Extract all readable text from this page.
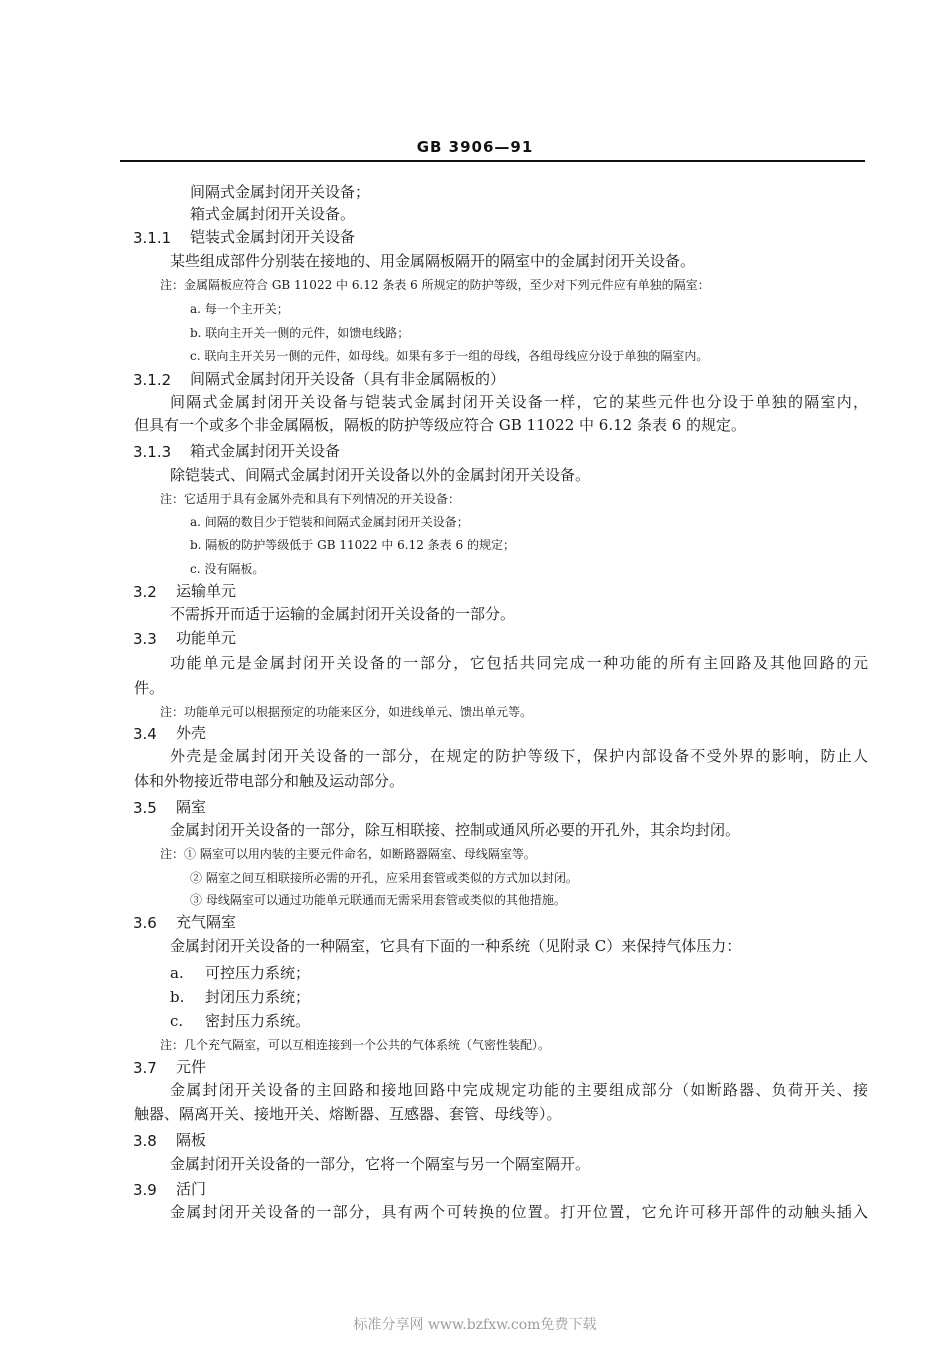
GB 3906—91
间隔式金属封闭开关设备；
箱式金属封闭开关设备。
3.1.1 铠装式金属封闭开关设备
某些组成部件分别装在接地的、用金属隔板隔开的隔室中的金属封闭开关设备。
注：金属隔板应符合 GB 11022 中 6.12 条表 6 所规定的防护等级，至少对下列元件应有单独的隔室：
a. 每一个主开关；
b. 联向主开关一侧的元件，如馈电线路；
c. 联向主开关另一侧的元件，如母线。如果有多于一组的母线，各组母线应分设于单独的隔室内。
3.1.2 间隔式金属封闭开关设备（具有非金属隔板的）
间隔式金属封闭开关设备与铠装式金属封闭开关设备一样，它的某些元件也分设于单独的隔室内，
但具有一个或多个非金属隔板，隔板的防护等级应符合 GB 11022 中 6.12 条表 6 的规定。
3.1.3 箱式金属封闭开关设备
除铠装式、间隔式金属封闭开关设备以外的金属封闭开关设备。
注：它适用于具有金属外壳和具有下列情况的开关设备：
a. 间隔的数目少于铠装和间隔式金属封闭开关设备；
b. 隔板的防护等级低于 GB 11022 中 6.12 条表 6 的规定；
c. 没有隔板。
3.2 运输单元
不需拆开而适于运输的金属封闭开关设备的一部分。
3.3 功能单元
功能单元是金属封闭开关设备的一部分，它包括共同完成一种功能的所有主回路及其他回路的元
件。
注：功能单元可以根据预定的功能来区分，如进线单元、馈出单元等。
3.4 外壳
外壳是金属封闭开关设备的一部分，在规定的防护等级下，保护内部设备不受外界的影响，防止人
体和外物接近带电部分和触及运动部分。
3.5 隔室
金属封闭开关设备的一部分，除互相联接、控制或通风所必要的开孔外，其余均封闭。
注：① 隔室可以用内装的主要元件命名，如断路器隔室、母线隔室等。
② 隔室之间互相联接所必需的开孔，应采用套管或类似的方式加以封闭。
③ 母线隔室可以通过功能单元联通而无需采用套管或类似的其他措施。
3.6 充气隔室
金属封闭开关设备的一种隔室，它具有下面的一种系统（见附录 C）来保持气体压力：
a. 可控压力系统；
b. 封闭压力系统；
c. 密封压力系统。
注：几个充气隔室，可以互相连接到一个公共的气体系统（气密性装配）。
3.7 元件
金属封闭开关设备的主回路和接地回路中完成规定功能的主要组成部分（如断路器、负荷开关、接
触器、隔离开关、接地开关、熔断器、互感器、套管、母线等）。
3.8 隔板
金属封闭开关设备的一部分，它将一个隔室与另一个隔室隔开。
3.9 活门
金属封闭开关设备的一部分，具有两个可转换的位置。打开位置，它允许可移开部件的动触头插入
标准分享网 www.bzfxw.com免费下载
